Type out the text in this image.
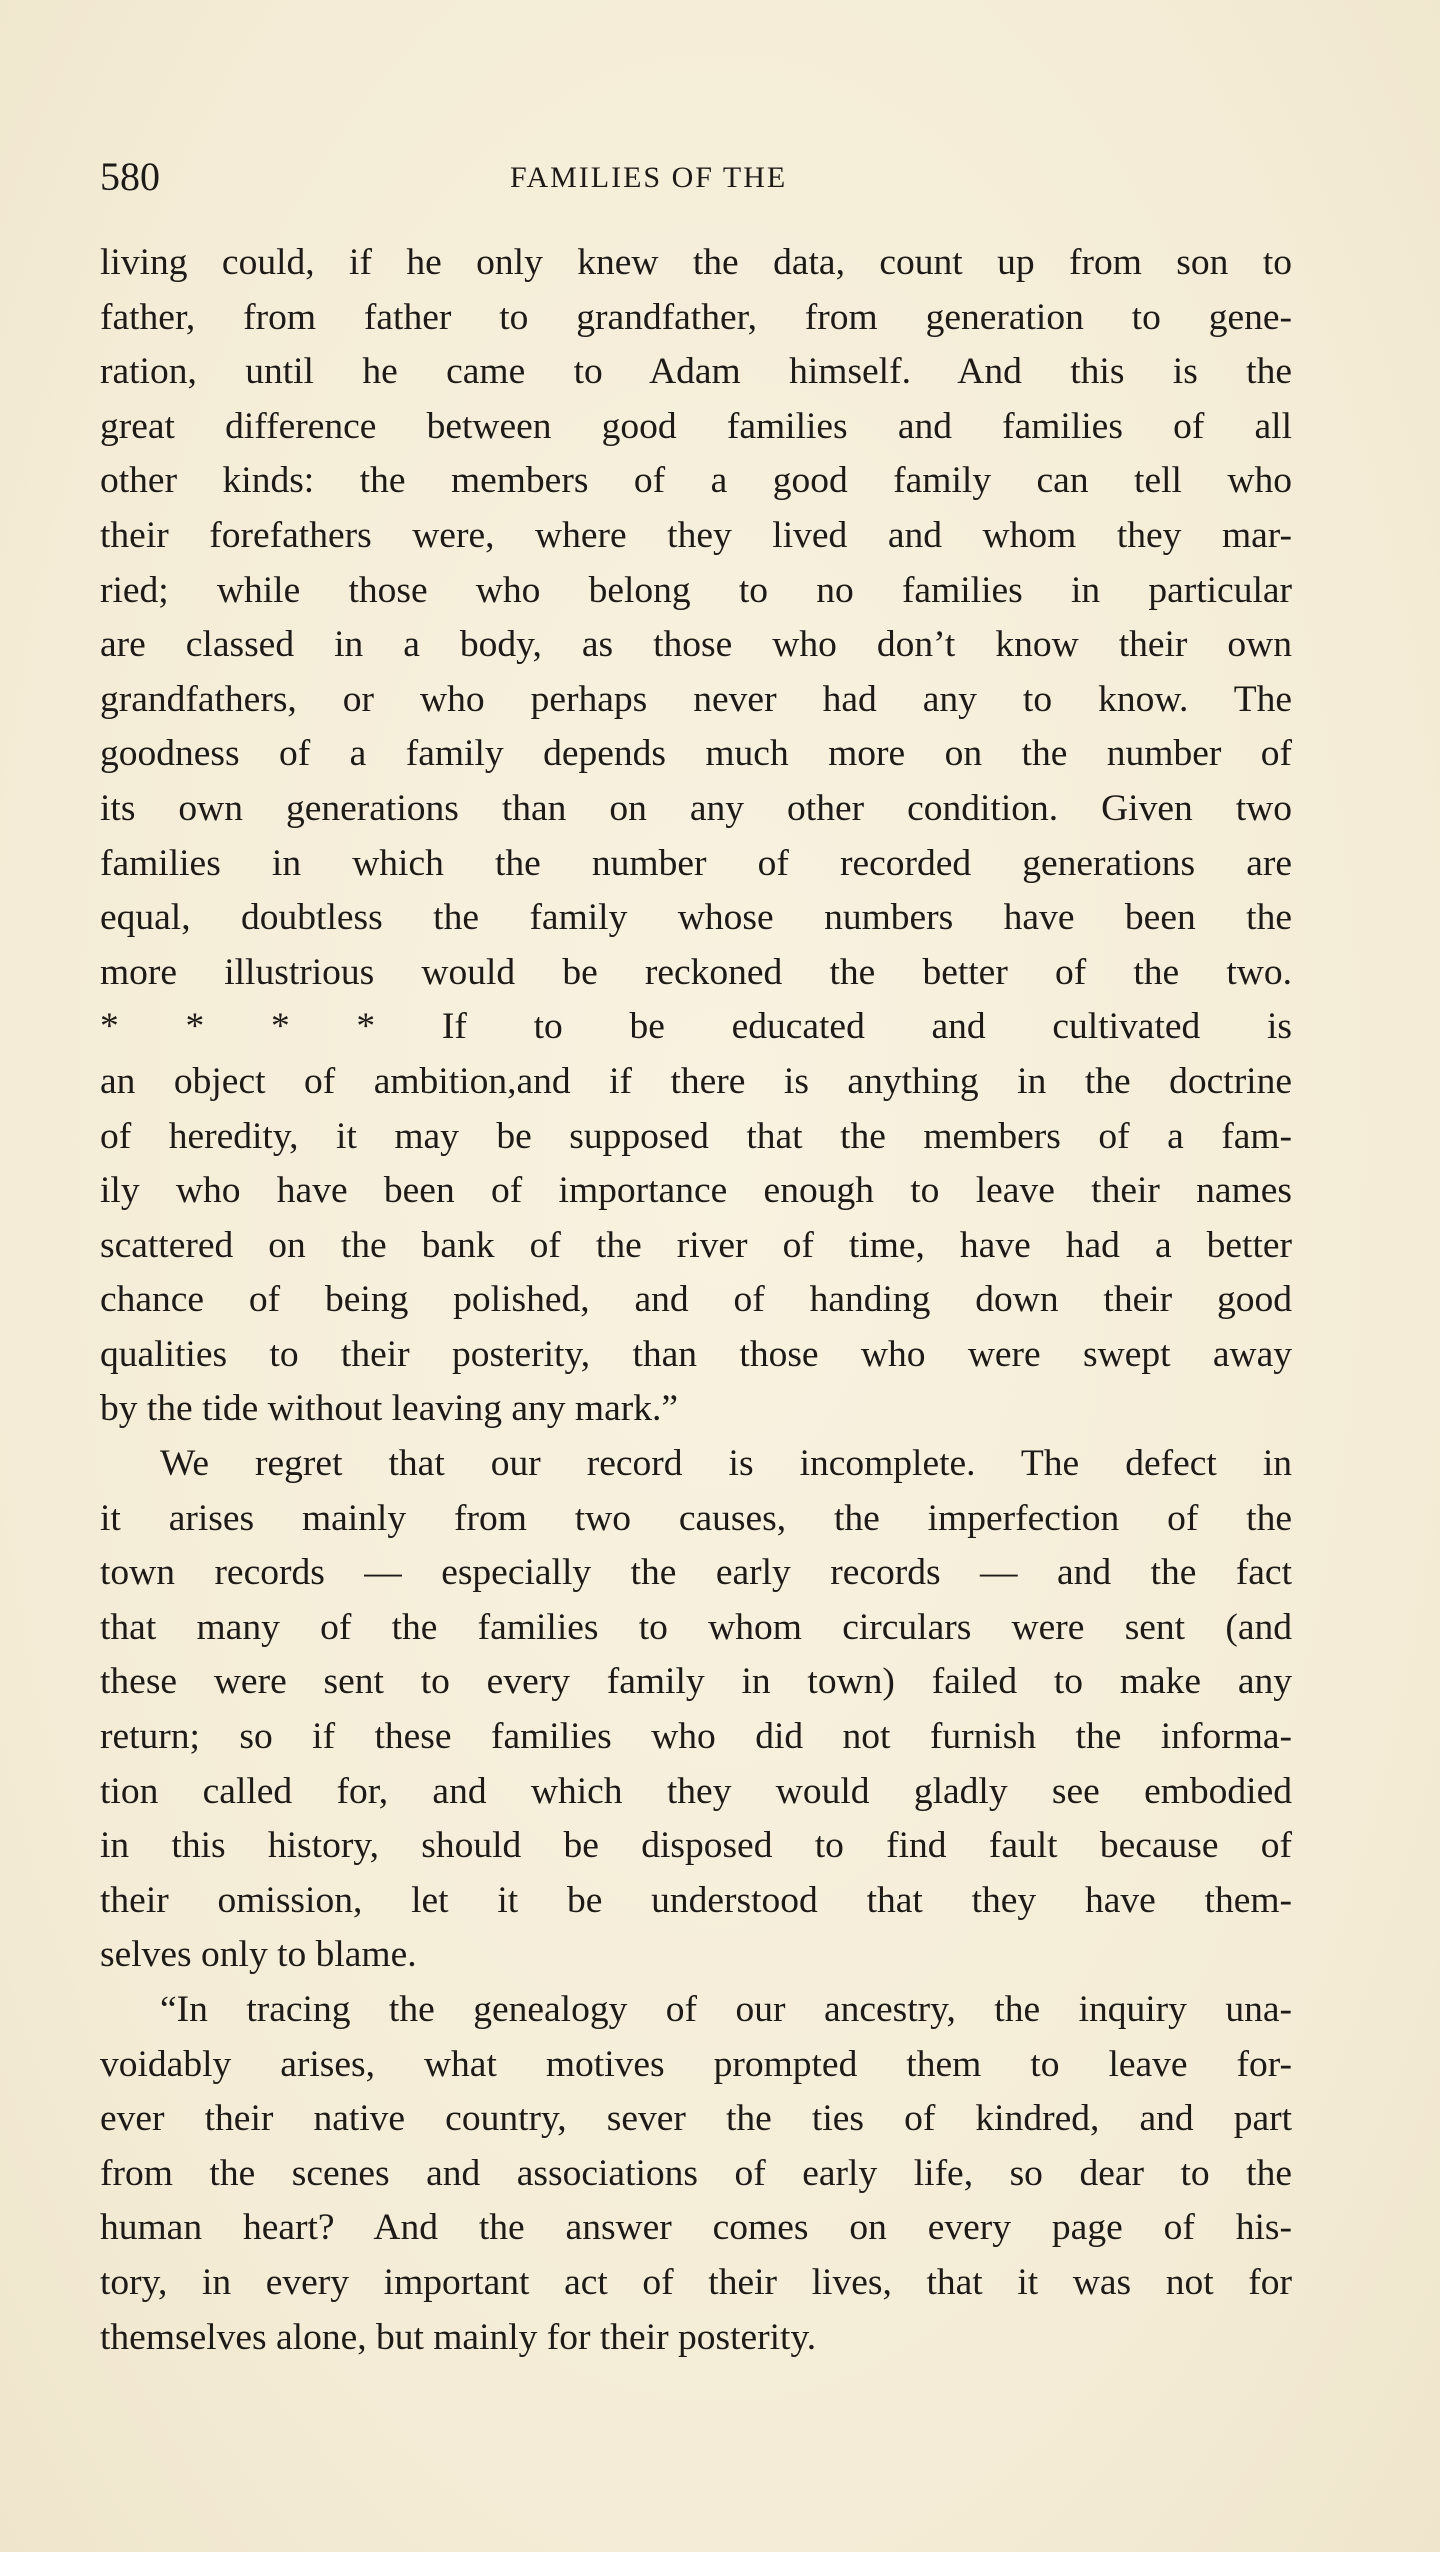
580	FAMILIES OF THE
living could, if he only knew the data, count up from son to
father, from father to grandfather, from generation to gene-
ration, until he came to Adam himself. And this is the
great difference between good families and families of all
other kinds: the members of a good family can tell who
their forefathers were, where they lived and whom they mar-
ried; while those who belong to no families in particular
are classed in a body, as those who don’t know their own
grandfathers, or who perhaps never had any to know. The
goodness of a family depends much more on the number of
its own generations than on any other condition. Given two
families in which the number of recorded generations are
equal, doubtless the family whose numbers have been the
more illustrious would be reckoned the better of the two.
* * * * If to be educated and cultivated is
an object of ambition,and if there is anything in the doctrine
of heredity, it may be supposed that the members of a fam-
ily who have been of importance enough to leave their names
scattered on the bank of the river of time, have had a better
chance of being polished, and of handing down their good
qualities to their posterity, than those who were swept away
by the tide without leaving any mark.”
We regret that our record is incomplete. The defect in
it arises mainly from two causes, the imperfection of the
town records — especially the early records — and the fact
that many of the families to whom circulars were sent (and
these were sent to every family in town) failed to make any
return; so if these families who did not furnish the informa-
tion called for, and which they would gladly see embodied
in this history, should be disposed to find fault because of
their omission, let it be understood that they have them-
selves only to blame.
“In tracing the genealogy of our ancestry, the inquiry una-
voidably arises, what motives prompted them to leave for-
ever their native country, sever the ties of kindred, and part
from the scenes and associations of early life, so dear to the
human heart? And the answer comes on every page of his-
tory, in every important act of their lives, that it was not for
themselves alone, but mainly for their posterity.
